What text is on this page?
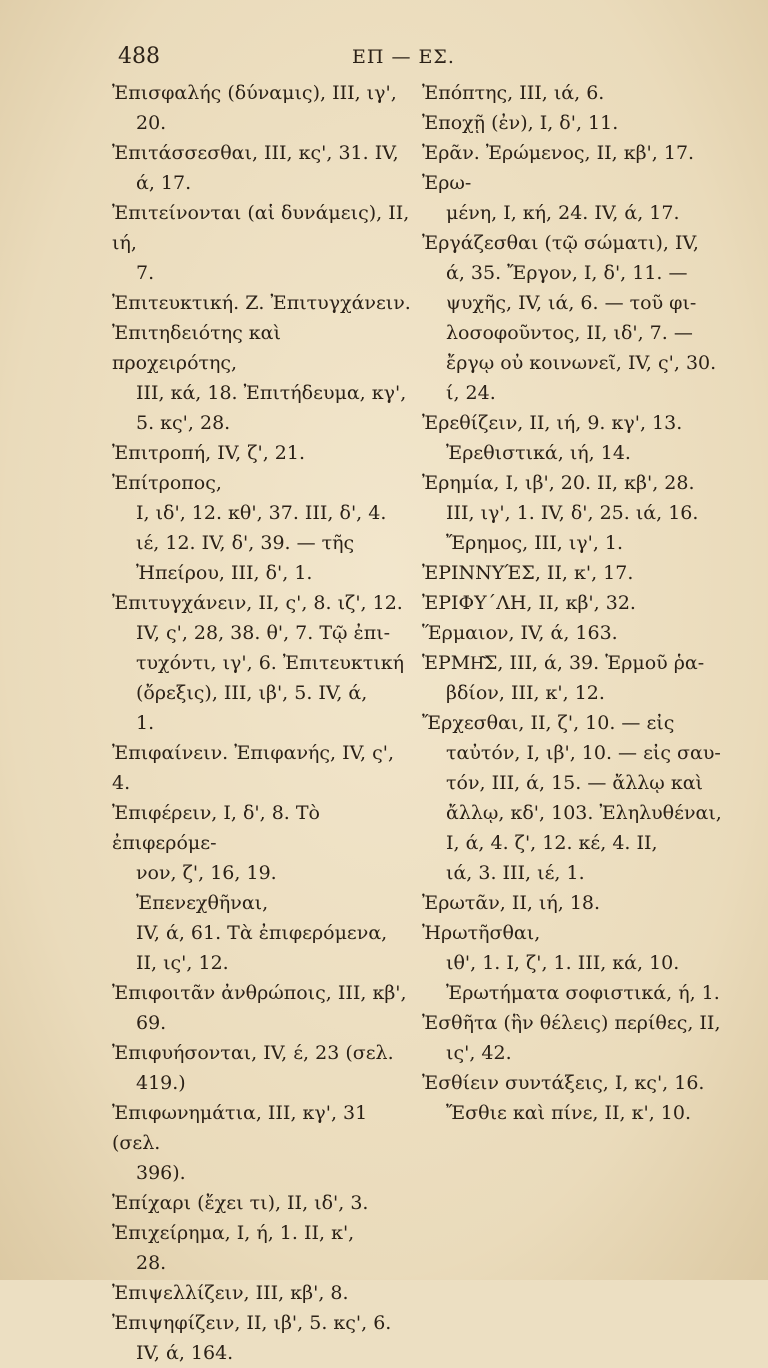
488	ΕΠ — ΕΣ.
Ἐπισφαλής (δύναμις), III, ιγ',
20.
Ἐπιτάσσεσθαι, III, κς', 31. IV,
ά, 17.
Ἐπιτείνονται (αἱ δυνάμεις), II, ιή,
7.
Ἐπιτευκτική. Ζ. Ἐπιτυγχάνειν.
Ἐπιτηδειότης καὶ προχειρότης,
III, κά, 18. Ἐπιτήδευμα, κγ',
5. κς', 28.
Ἐπιτροπή, IV, ζ', 21. Ἐπίτροπος,
I, ιδ', 12. κθ', 37. III, δ', 4.
ιέ, 12. IV, δ', 39. — τῆς
Ἠπείρου, III, δ', 1.
Ἐπιτυγχάνειν, II, ς', 8. ιζ', 12.
IV, ς', 28, 38. θ', 7. Τῷ ἐπι-
τυχόντι, ιγ', 6. Ἐπιτευκτική
(ὄρεξις), III, ιβ', 5. IV, ά,
1.
Ἐπιφαίνειν. Ἐπιφανής, IV, ς', 4.
Ἐπιφέρειν, I, δ', 8. Τὸ ἐπιφερόμε-
νον, ζ', 16, 19. Ἐπενεχθῆναι,
IV, ά, 61. Τὰ ἐπιφερόμενα,
II, ις', 12.
Ἐπιφοιτᾶν ἀνθρώποις, III, κβ',
69.
Ἐπιφυήσονται, IV, έ, 23 (σελ.
419.)
Ἐπιφωνημάτια, III, κγ', 31 (σελ.
396).
Ἐπίχαρι (ἔχει τι), II, ιδ', 3.
Ἐπιχείρημα, I, ή, 1. II, κ',
28.
Ἐπιψελλίζειν, III, κβ', 8.
Ἐπιψηφίζειν, II, ιβ', 5. κς', 6.
IV, ά, 164.
Ἐπόπτης, III, ιά, 6.
Ἐποχῇ (ἐν), I, δ', 11.
Ἐρᾶν. Ἐρώμενος, II, κβ', 17. Ἐρω-
μένη, I, κή, 24. IV, ά, 17.
Ἐργάζεσθαι (τῷ σώματι), IV,
ά, 35. Ἔργον, I, δ', 11. —
ψυχῆς, IV, ιά, 6. — τοῦ φι-
λοσοφοῦντος, II, ιδ', 7. —
ἔργῳ οὐ κοινωνεῖ, IV, ς', 30.
ί, 24.
Ἐρεθίζειν, II, ιή, 9. κγ', 13.
Ἐρεθιστικά, ιή, 14.
Ἐρημία, I, ιβ', 20. II, κβ', 28.
III, ιγ', 1. IV, δ', 25. ιά, 16.
Ἔρημος, III, ιγ', 1.
ἘΡΙΝΝΥΈΣ, II, κ', 17.
ἘΡΙΦΥ΄ΛΗ, II, κβ', 32.
Ἕρμαιον, IV, ά, 163.
ἙΡΜΗ͂Σ, III, ά, 39. Ἑρμοῦ ῥα-
βδίον, III, κ', 12.
Ἔρχεσθαι, II, ζ', 10. — εἰς
ταὐτόν, I, ιβ', 10. — εἰς σαυ-
τόν, III, ά, 15. — ἄλλῳ καὶ
ἄλλῳ, κδ', 103. Ἐληλυθέναι,
I, ά, 4. ζ', 12. κέ, 4. II,
ιά, 3. III, ιέ, 1.
Ἐρωτᾶν, II, ιή, 18. Ἠρωτῆσθαι,
ιθ', 1. I, ζ', 1. III, κά, 10.
Ἐρωτήματα σοφιστικά, ή, 1.
Ἐσθῆτα (ἣν θέλεις) περίθες, II,
ις', 42.
Ἐσθίειν συντάξεις, I, κς', 16.
Ἔσθιε καὶ πίνε, II, κ', 10.
